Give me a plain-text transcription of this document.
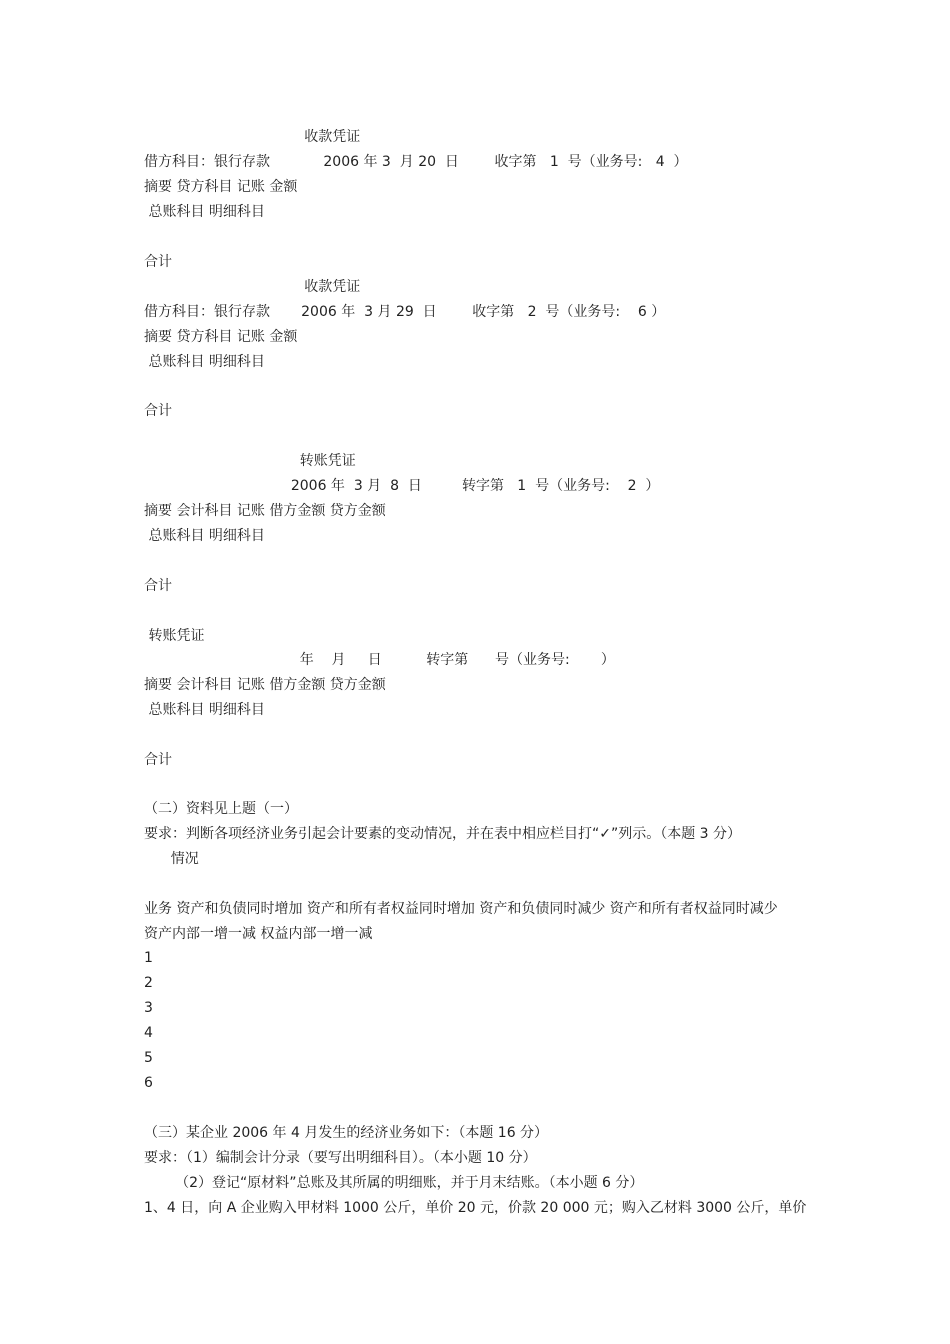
收款凭证

借方科目：银行存款            2006 年 3  月 20  日        收字第   1  号（业务号:   4  ）

摘要 贷方科目 记账 金额

总账科目 明细科目

合计

收款凭证

借方科目：银行存款       2006 年  3 月 29  日        收字第   2  号（业务号:    6 ）

摘要 贷方科目 记账 金额

总账科目 明细科目

合计

转账凭证

2006 年  3 月  8  日         转字第   1  号（业务号:    2  ）

摘要 会计科目 记账 借方金额 贷方金额

总账科目 明细科目

合计

转账凭证

年    月     日          转字第      号（业务号:       ）

摘要 会计科目 记账 借方金额 贷方金额

总账科目 明细科目

合计

（二）资料见上题（一）

要求：判断各项经济业务引起会计要素的变动情况，并在表中相应栏目打“✓”列示。（本题 3 分）

情况

业务 资产和负债同时增加 资产和所有者权益同时增加 资产和负债同时减少 资产和所有者权益同时减少

资产内部一增一减 权益内部一增一减

1

2

3

4

5

6

（三）某企业 2006 年 4 月发生的经济业务如下：（本题 16 分）

要求：（1）编制会计分录（要写出明细科目）。（本小题 10 分）

（2）登记“原材料”总账及其所属的明细账，并于月末结账。（本小题 6 分）

1、4 日，向 A 企业购入甲材料 1000 公斤，单价 20 元，价款 20 000 元；购入乙材料 3000 公斤，单价
